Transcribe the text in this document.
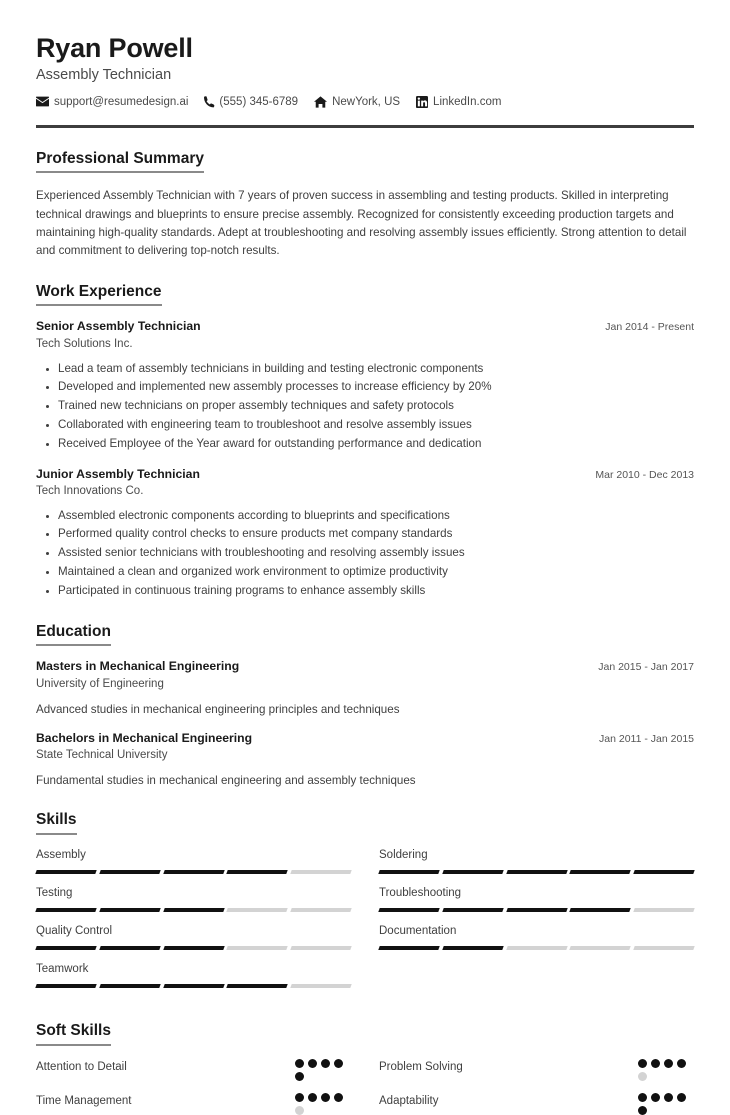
Ryan Powell
Assembly Technician
support@resumedesign.ai	(555) 345-6789	NewYork, US	LinkedIn.com
Professional Summary
Experienced Assembly Technician with 7 years of proven success in assembling and testing products. Skilled in interpreting technical drawings and blueprints to ensure precise assembly. Recognized for consistently exceeding production targets and maintaining high-quality standards. Adept at troubleshooting and resolving assembly issues efficiently. Strong attention to detail and commitment to delivering top-notch results.
Work Experience
Senior Assembly Technician	Jan 2014 - Present
Tech Solutions Inc.
• Lead a team of assembly technicians in building and testing electronic components
• Developed and implemented new assembly processes to increase efficiency by 20%
• Trained new technicians on proper assembly techniques and safety protocols
• Collaborated with engineering team to troubleshoot and resolve assembly issues
• Received Employee of the Year award for outstanding performance and dedication
Junior Assembly Technician	Mar 2010 - Dec 2013
Tech Innovations Co.
• Assembled electronic components according to blueprints and specifications
• Performed quality control checks to ensure products met company standards
• Assisted senior technicians with troubleshooting and resolving assembly issues
• Maintained a clean and organized work environment to optimize productivity
• Participated in continuous training programs to enhance assembly skills
Education
Masters in Mechanical Engineering	Jan 2015 - Jan 2017
University of Engineering
Advanced studies in mechanical engineering principles and techniques
Bachelors in Mechanical Engineering	Jan 2011 - Jan 2015
State Technical University
Fundamental studies in mechanical engineering and assembly techniques
Skills
Assembly	Soldering
Testing	Troubleshooting
Quality Control	Documentation
Teamwork
Soft Skills
Attention to Detail	Problem Solving
Time Management	Adaptability
